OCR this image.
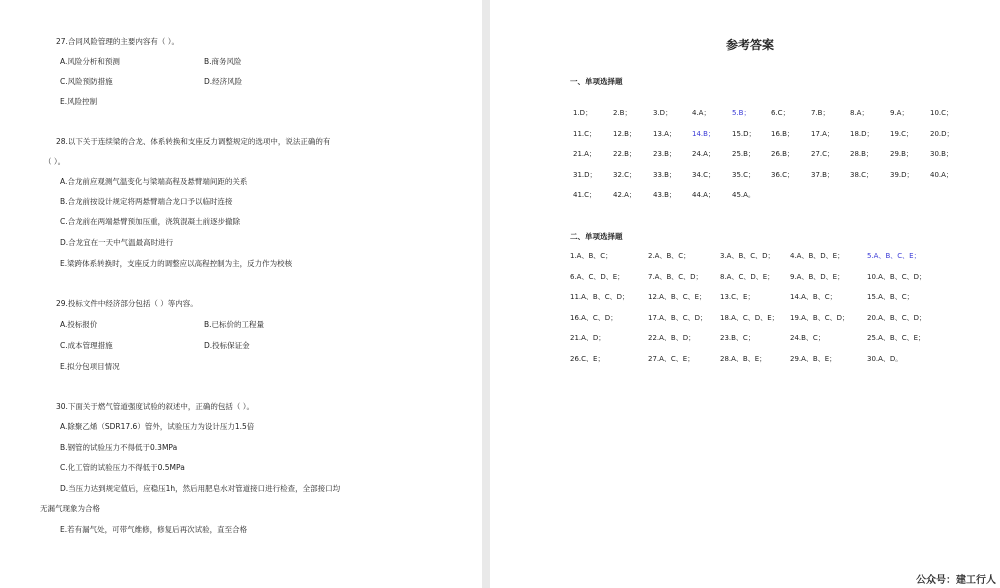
27.合同风险管理的主要内容有（ ）。
A.风险分析和预测	B.商务风险
C.风险预防措施	D.经济风险
E.风险控制
28.以下关于连续梁的合龙、体系转换和支座反力调整规定的选项中，说法正确的有
（ ）。
A.合龙前应观测气温变化与梁端高程及悬臂端间距的关系
B.合龙前按设计规定将两悬臂端合龙口予以临时连接
C.合龙前在两端悬臂预加压重，浇筑混凝土前逐步撤除
D.合龙宜在一天中气温最高时进行
E.梁跨体系转换时，支座反力的调整应以高程控制为主，反力作为校核
29.投标文件中经济部分包括（ ）等内容。
A.投标报价	B.已标价的工程量
C.成本管理措施	D.投标保证金
E.拟分包项目情况
30.下面关于燃气管道强度试验的叙述中，正确的包括（ ）。
A.除聚乙烯（SDR17.6）管外，试验压力为设计压力1.5倍
B.钢管的试验压力不得低于0.3MPa
C.化工管的试验压力不得低于0.5MPa
D.当压力达到规定值后，应稳压1h，然后用肥皂水对管道接口进行检查，全部接口均
无漏气现象为合格
E.若有漏气处，可带气维修，修复后再次试验，直至合格
参考答案
一、单项选择题
二、单项选择题
1.D；	2.B；	3.D；	4.A；	5.B；	6.C；	7.B；	8.A；	9.A；	10.C；
11.C； 12.B； 13.A； 14.B； 15.D； 16.B； 17.A； 18.D； 19.C； 20.D；
21.A； 22.B； 23.B； 24.A； 25.B； 26.B； 27.C； 28.B； 29.B； 30.B；
31.D； 32.C； 33.B； 34.C； 35.C； 36.C； 37.B； 38.C； 39.D； 40.A；
41.C； 42.A； 43.B； 44.A； 45.A。
1.A、B、C；	2.A、B、C；	3.A、B、C、D； 4.A、B、D、E；	5.A、B、C、E；
6.A、C、D、E；	7.A、B、C、D； 8.A、C、D、E； 9.A、B、D、E；	10.A、B、C、D；
11.A、B、C、D；	12.A、B、C、E； 13.C、E；	14.A、B、C；	15.A、B、C；
16.A、C、D；	17.A、B、C、D； 18.A、C、D、E； 19.A、B、C、D；	20.A、B、C、D；
21.A、D；	22.A、B、D；	23.B、C；	24.B、C；	25.A、B、C、E；
26.C、E；	27.A、C、E；	28.A、B、E；	29.A、B、E；	30.A、D。
公众号：建工行人
